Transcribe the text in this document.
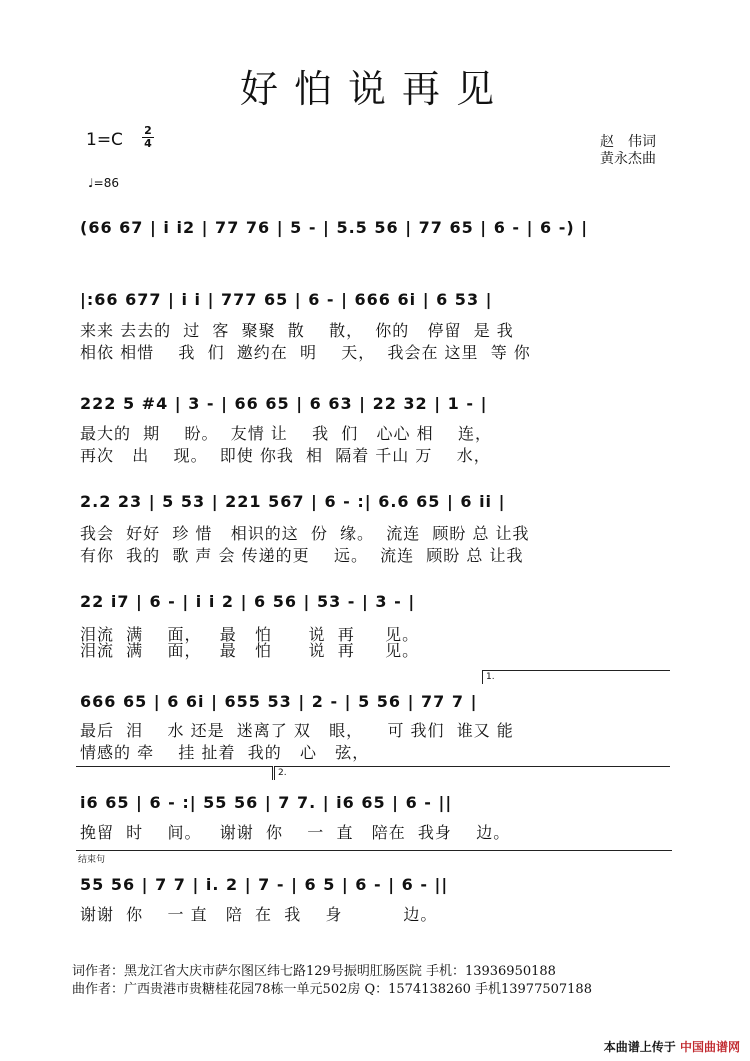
好怕说再见
1=C 2
4	赵　伟词
黄永杰曲
♩=86
(66 67 | i i2 | 77 76 | 5 - | 5.5 56 | 77 65 | 6 - | 6 -) |
|:66 677 | i i | 777 65 | 6 - | 666 6i | 6 53 |
来来 去去的  过  客  聚聚  散    散，  你的   停留  是 我
相依 相惜    我  们  邀约在  明    天，  我会在 这里  等 你
222 5 #4 | 3 - | 66 65 | 6 63 | 22 32 | 1 - |
最大的  期    盼。  友情 让    我  们   心心 相    连，
再次   出    现。  即使 你我  相  隔着 千山 万    水，
2.2 23 | 5 53 | 221 567 | 6 - :| 6.6 65 | 6 ii |
我会  好好  珍 惜   相识的这  份  缘。  流连  顾盼 总 让我
有你  我的  歌 声 会 传递的更    远。  流连  顾盼 总 让我
22 i7 | 6 - | i i 2 | 6 56 | 53 - | 3 - |
泪流  满    面，   最   怕      说  再     见。
泪流  满    面，   最   怕      说  再     见。
1.
666 65 | 6 6i | 655 53 | 2 - | 5 56 | 77 7 |
最后  泪    水 还是  迷离了 双   眼，    可 我们  谁又 能
情感的 牵    挂 扯着  我的   心   弦，
2.
i6 65 | 6 - :| 55 56 | 7 7. | i6 65 | 6 - ||
挽留  时    间。   谢谢  你    一  直   陪在  我身    边。
结束句
55 56 | 7 7 | i. 2 | 7 - | 6 5 | 6 - | 6 - ||
谢谢  你    一 直   陪  在  我    身          边。
词作者：黑龙江省大庆市萨尔图区纬七路129号振明肛肠医院 手机：13936950188
曲作者：广西贵港市贵糖桂花园78栋一单元502房 Q：1574138260 手机13977507188
本曲谱上传于 中国曲谱网
